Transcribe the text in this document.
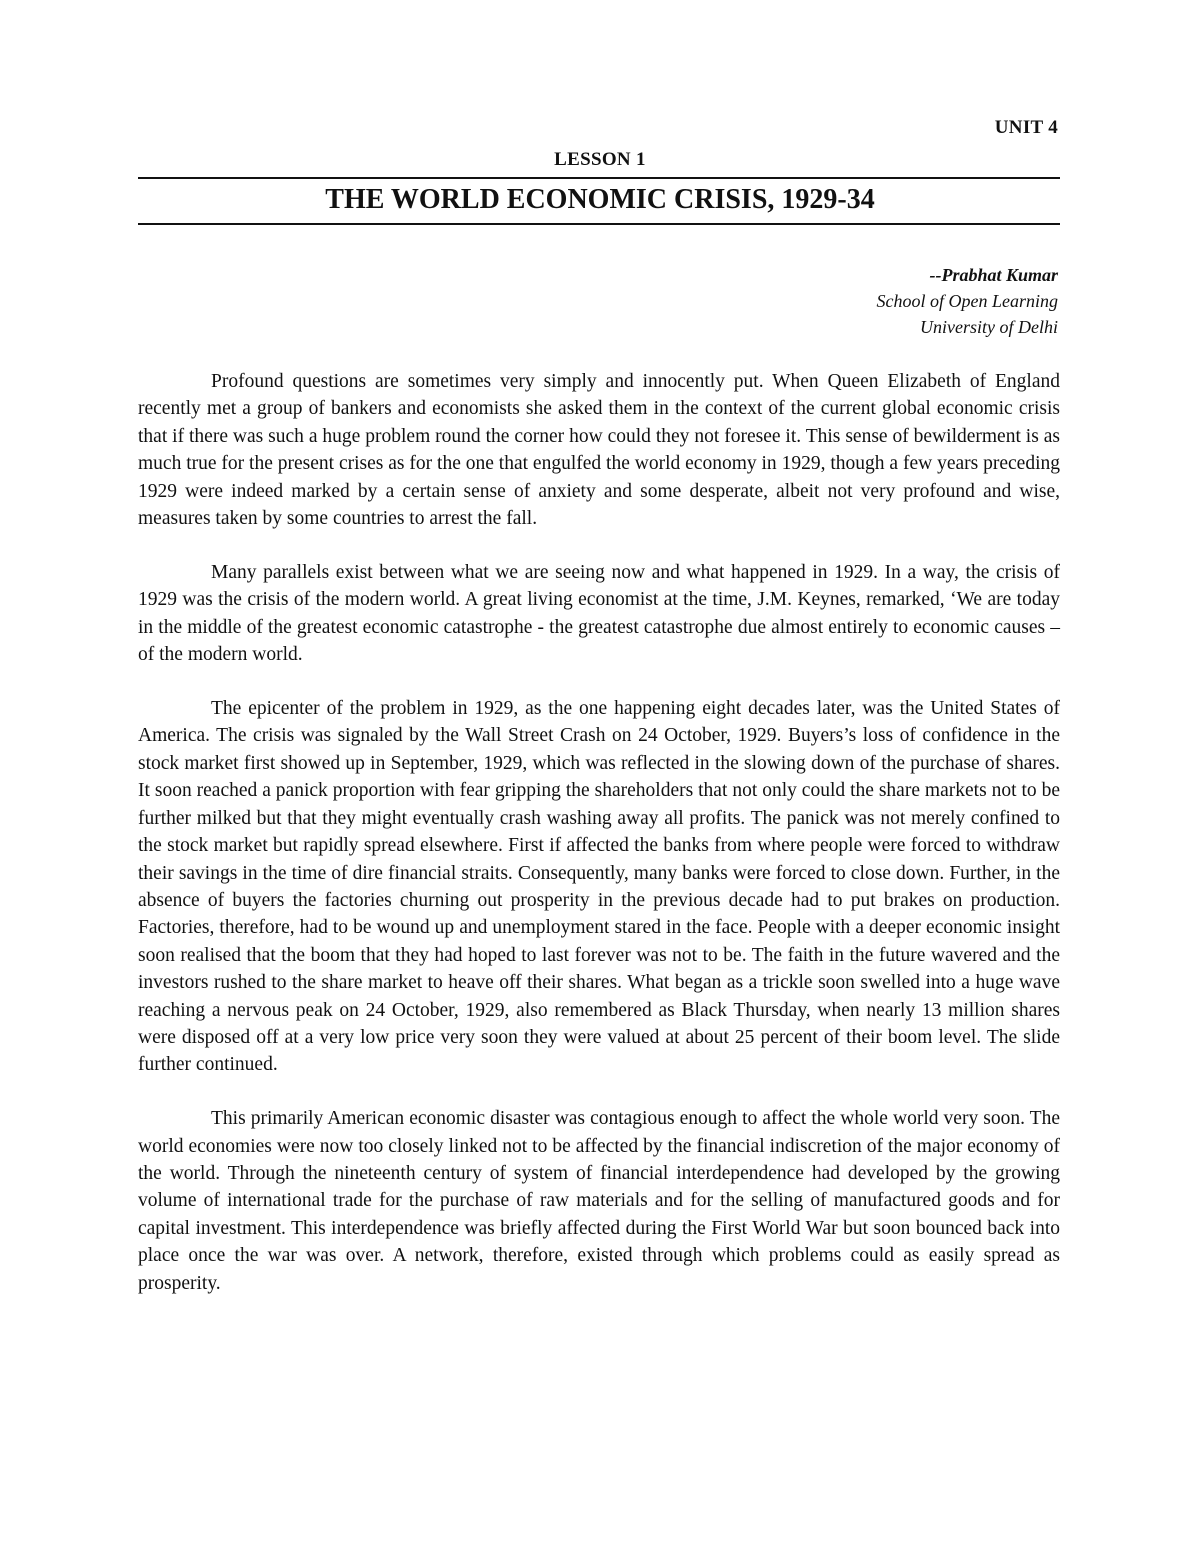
UNIT 4
LESSON 1
THE WORLD ECONOMIC CRISIS, 1929-34
--Prabhat Kumar
School of Open Learning
University of Delhi

Profound questions are sometimes very simply and innocently put. When Queen Elizabeth of England recently met a group of bankers and economists she asked them in the context of the current global economic crisis that if there was such a huge problem round the corner how could they not foresee it. This sense of bewilderment is as much true for the present crises as for the one that engulfed the world economy in 1929, though a few years preceding 1929 were indeed marked by a certain sense of anxiety and some desperate, albeit not very profound and wise, measures taken by some countries to arrest the fall.

Many parallels exist between what we are seeing now and what happened in 1929. In a way, the crisis of 1929 was the crisis of the modern world. A great living economist at the time, J.M. Keynes, remarked, ‘We are today in the middle of the greatest economic catastrophe - the greatest catastrophe due almost entirely to economic causes – of the modern world.

The epicenter of the problem in 1929, as the one happening eight decades later, was the United States of America. The crisis was signaled by the Wall Street Crash on 24 October, 1929. Buyers’s loss of confidence in the stock market first showed up in September, 1929, which was reflected in the slowing down of the purchase of shares. It soon reached a panick proportion with fear gripping the shareholders that not only could the share markets not to be further milked but that they might eventually crash washing away all profits. The panick was not merely confined to the stock market but rapidly spread elsewhere. First if affected the banks from where people were forced to withdraw their savings in the time of dire financial straits. Consequently, many banks were forced to close down. Further, in the absence of buyers the factories churning out prosperity in the previous decade had to put brakes on production. Factories, therefore, had to be wound up and unemployment stared in the face. People with a deeper economic insight soon realised that the boom that they had hoped to last forever was not to be. The faith in the future wavered and the investors rushed to the share market to heave off their shares. What began as a trickle soon swelled into a huge wave reaching a nervous peak on 24 October, 1929, also remembered as Black Thursday, when nearly 13 million shares were disposed off at a very low price very soon they were valued at about 25 percent of their boom level. The slide further continued.

This primarily American economic disaster was contagious enough to affect the whole world very soon. The world economies were now too closely linked not to be affected by the financial indiscretion of the major economy of the world. Through the nineteenth century of system of financial interdependence had developed by the growing volume of international trade for the purchase of raw materials and for the selling of manufactured goods and for capital investment. This interdependence was briefly affected during the First World War but soon bounced back into place once the war was over. A network, therefore, existed through which problems could as easily spread as prosperity.
